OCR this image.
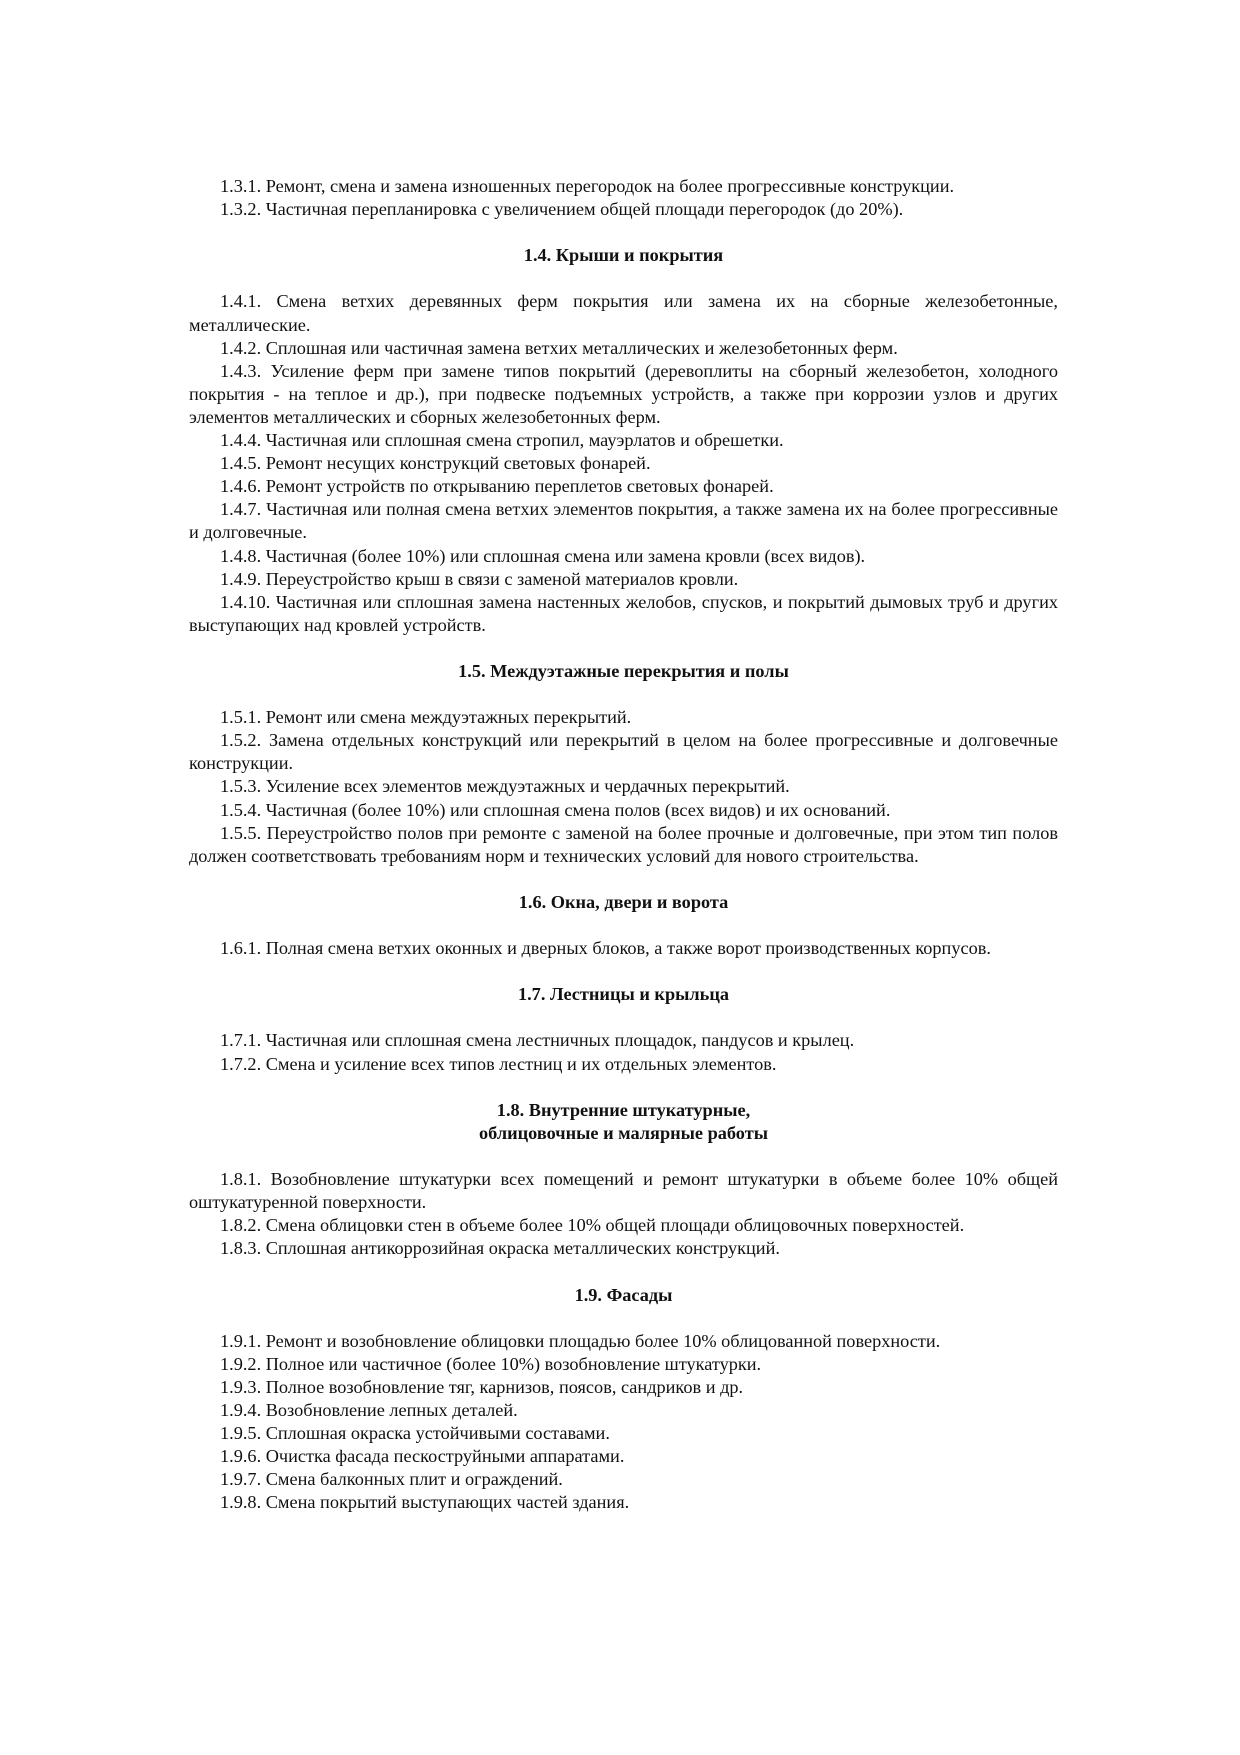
1.3.1. Ремонт, смена и замена изношенных перегородок на более прогрессивные конструкции.

1.3.2. Частичная перепланировка с увеличением общей площади перегородок (до 20%).

1.4. Крыши и покрытия

1.4.1. Смена ветхих деревянных ферм покрытия или замена их на сборные железобетонные, металлические.

1.4.2. Сплошная или частичная замена ветхих металлических и железобетонных ферм.

1.4.3. Усиление ферм при замене типов покрытий (деревоплиты на сборный железобетон, холодного покрытия - на теплое и др.), при подвеске подъемных устройств, а также при коррозии узлов и других элементов металлических и сборных железобетонных ферм.

1.4.4. Частичная или сплошная смена стропил, мауэрлатов и обрешетки.

1.4.5. Ремонт несущих конструкций световых фонарей.

1.4.6. Ремонт устройств по открыванию переплетов световых фонарей.

1.4.7. Частичная или полная смена ветхих элементов покрытия, а также замена их на более прогрессивные и долговечные.

1.4.8. Частичная (более 10%) или сплошная смена или замена кровли (всех видов).

1.4.9. Переустройство крыш в связи с заменой материалов кровли.

1.4.10. Частичная или сплошная замена настенных желобов, спусков, и покрытий дымовых труб и других выступающих над кровлей устройств.

1.5. Междуэтажные перекрытия и полы

1.5.1. Ремонт или смена междуэтажных перекрытий.

1.5.2. Замена отдельных конструкций или перекрытий в целом на более прогрессивные и долговечные конструкции.

1.5.3. Усиление всех элементов междуэтажных и чердачных перекрытий.

1.5.4. Частичная (более 10%) или сплошная смена полов (всех видов) и их оснований.

1.5.5. Переустройство полов при ремонте с заменой на более прочные и долговечные, при этом тип полов должен соответствовать требованиям норм и технических условий для нового строительства.

1.6. Окна, двери и ворота

1.6.1. Полная смена ветхих оконных и дверных блоков, а также ворот производственных корпусов.

1.7. Лестницы и крыльца

1.7.1. Частичная или сплошная смена лестничных площадок, пандусов и крылец.

1.7.2. Смена и усиление всех типов лестниц и их отдельных элементов.

1.8. Внутренние штукатурные,
облицовочные и малярные работы

1.8.1. Возобновление штукатурки всех помещений и ремонт штукатурки в объеме более 10% общей оштукатуренной поверхности.

1.8.2. Смена облицовки стен в объеме более 10% общей площади облицовочных поверхностей.

1.8.3. Сплошная антикоррозийная окраска металлических конструкций.

1.9. Фасады

1.9.1. Ремонт и возобновление облицовки площадью более 10% облицованной поверхности.

1.9.2. Полное или частичное (более 10%) возобновление штукатурки.

1.9.3. Полное возобновление тяг, карнизов, поясов, сандриков и др.

1.9.4. Возобновление лепных деталей.

1.9.5. Сплошная окраска устойчивыми составами.

1.9.6. Очистка фасада пескоструйными аппаратами.

1.9.7. Смена балконных плит и ограждений.

1.9.8. Смена покрытий выступающих частей здания.
